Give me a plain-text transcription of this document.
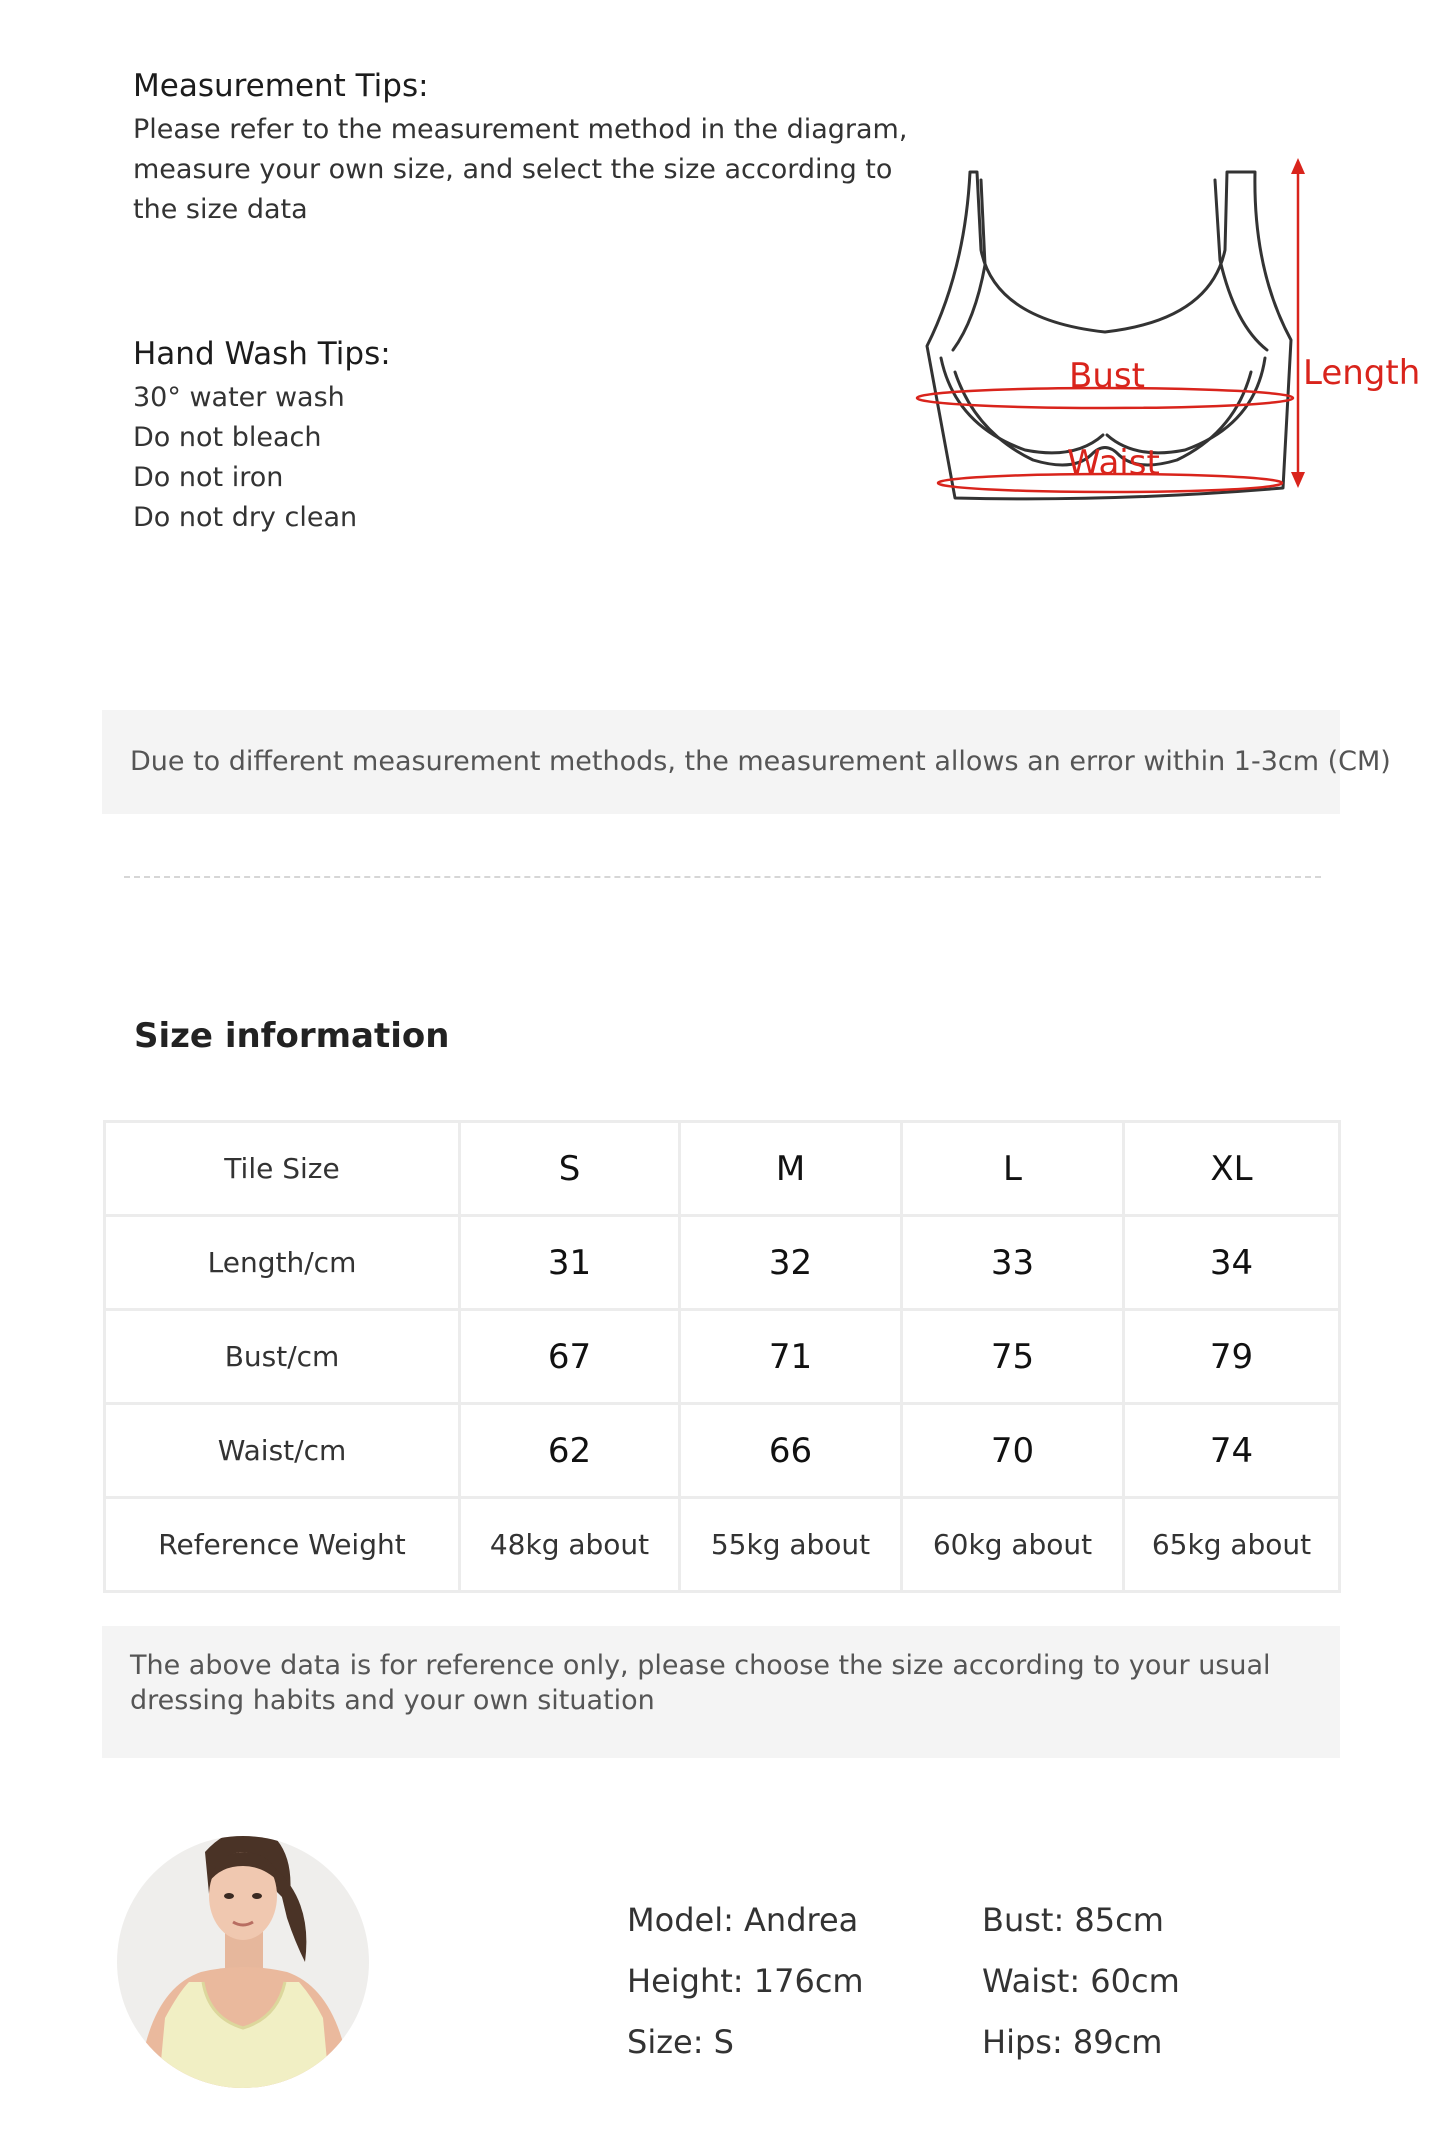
Measurement Tips:
Please refer to the measurement method in the diagram,
measure your own size, and select the size according to
the size data
Hand Wash Tips:
30° water wash
Do not bleach
Do not iron
Do not dry clean
Bust
Waist
Length
Due to different measurement methods, the measurement allows an error within 1-3cm (CM)
Size information
Tile Size	S	M	L	XL
Length/cm	31	32	33	34
Bust/cm	67	71	75	79
Waist/cm	62	66	70	74
Reference Weight	48kg about	55kg about	60kg about	65kg about
The above data is for reference only, please choose the size according to your usual dressing habits and your own situation
Model: Andrea
Height: 176cm
Size: S
Bust: 85cm
Waist: 60cm
Hips: 89cm
